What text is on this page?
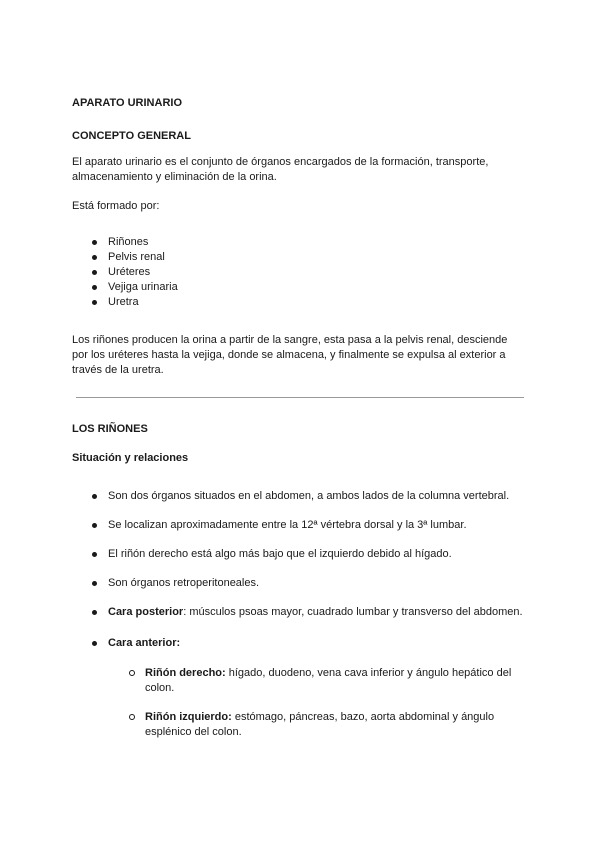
APARATO URINARIO
CONCEPTO GENERAL
El aparato urinario es el conjunto de órganos encargados de la formación, transporte,
almacenamiento y eliminación de la orina.
Está formado por:
Riñones
Pelvis renal
Uréteres
Vejiga urinaria
Uretra
Los riñones producen la orina a partir de la sangre, esta pasa a la pelvis renal, desciende
por los uréteres hasta la vejiga, donde se almacena, y finalmente se expulsa al exterior a
través de la uretra.
LOS RIÑONES
Situación y relaciones
Son dos órganos situados en el abdomen, a ambos lados de la columna vertebral.
Se localizan aproximadamente entre la 12ª vértebra dorsal y la 3ª lumbar.
El riñón derecho está algo más bajo que el izquierdo debido al hígado.
Son órganos retroperitoneales.
Cara posterior: músculos psoas mayor, cuadrado lumbar y transverso del abdomen.
Cara anterior:
Riñón derecho: hígado, duodeno, vena cava inferior y ángulo hepático del
colon.
Riñón izquierdo: estómago, páncreas, bazo, aorta abdominal y ángulo
esplénico del colon.
